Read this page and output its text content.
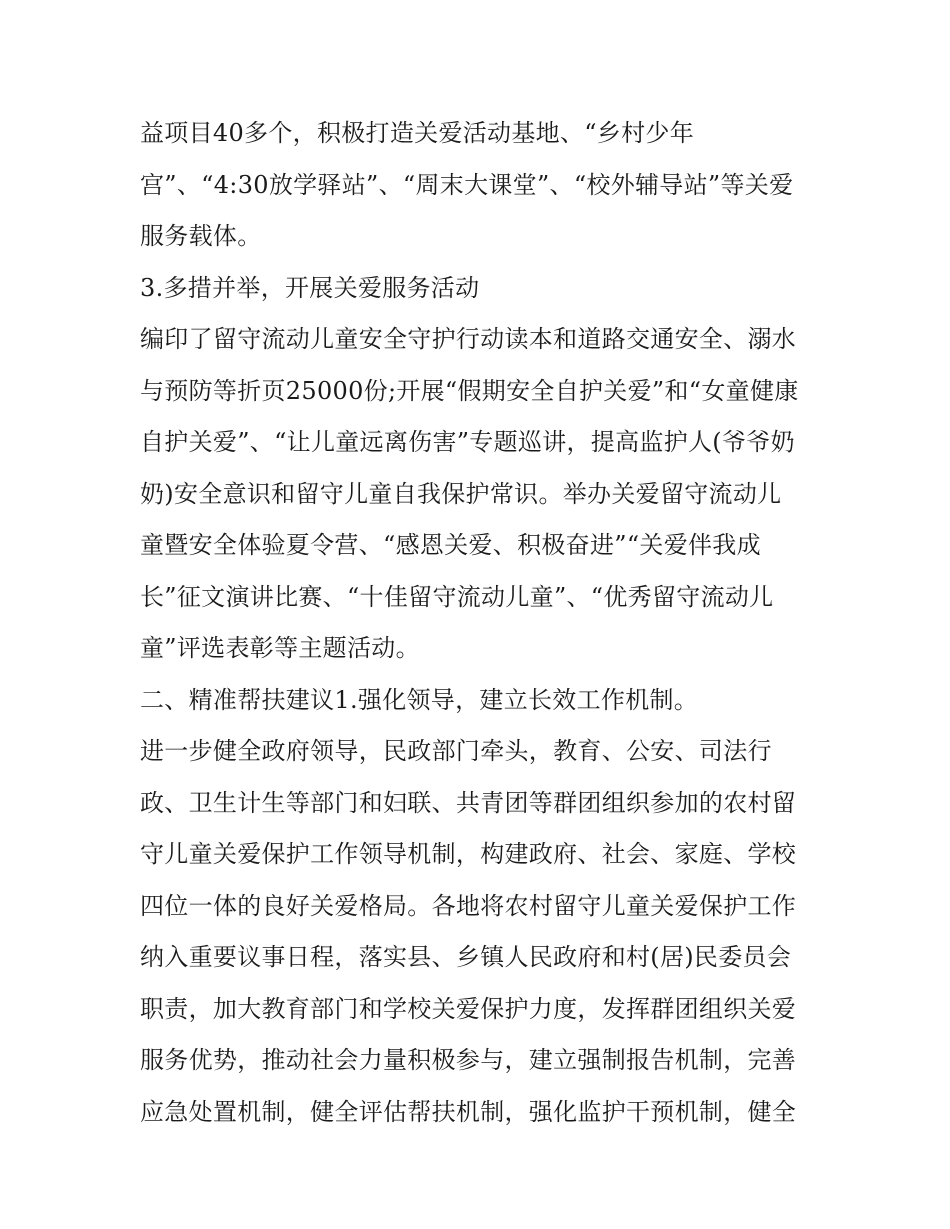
益项目40多个，积极打造关爱活动基地、“乡村少年
宫”、“4:30放学驿站”、“周末大课堂”、“校外辅导站”等关爱
服务载体。
3.多措并举，开展关爱服务活动
编印了留守流动儿童安全守护行动读本和道路交通安全、溺水
与预防等折页25000份;开展“假期安全自护关爱”和“女童健康
自护关爱”、“让儿童远离伤害”专题巡讲，提高监护人(爷爷奶
奶)安全意识和留守儿童自我保护常识。举办关爱留守流动儿
童暨安全体验夏令营、“感恩关爱、积极奋进”“关爱伴我成
长”征文演讲比赛、“十佳留守流动儿童”、“优秀留守流动儿
童”评选表彰等主题活动。
二、精准帮扶建议1.强化领导，建立长效工作机制。
进一步健全政府领导，民政部门牵头，教育、公安、司法行
政、卫生计生等部门和妇联、共青团等群团组织参加的农村留
守儿童关爱保护工作领导机制，构建政府、社会、家庭、学校
四位一体的良好关爱格局。各地将农村留守儿童关爱保护工作
纳入重要议事日程，落实县、乡镇人民政府和村(居)民委员会
职责，加大教育部门和学校关爱保护力度，发挥群团组织关爱
服务优势，推动社会力量积极参与，建立强制报告机制，完善
应急处置机制，健全评估帮扶机制，强化监护干预机制，健全
